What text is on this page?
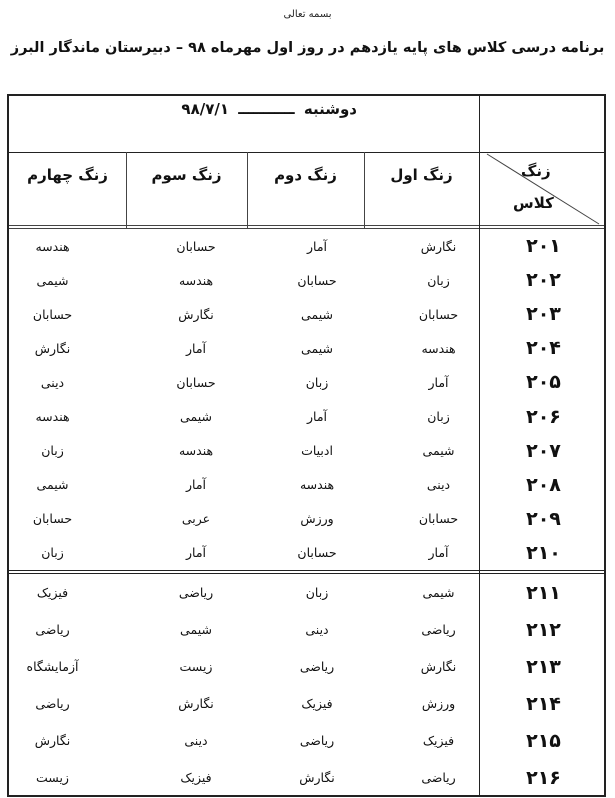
بسمه تعالی
برنامه درسی کلاس های پایه یازدهم در روز اول مهرماه ۹۸ – دبیرستان ماندگار البرز
دوشنبه ـــــــــــ ۹۸/۷/۱
زنگ
کلاس
زنگ اول
زنگ دوم
زنگ سوم
زنگ چهارم
۲۰۱
نگارش
آمار
حسابان
هندسه
۲۰۲
زبان
حسابان
هندسه
شیمی
۲۰۳
حسابان
شیمی
نگارش
حسابان
۲۰۴
هندسه
شیمی
آمار
نگارش
۲۰۵
آمار
زبان
حسابان
دینی
۲۰۶
زبان
آمار
شیمی
هندسه
۲۰۷
شیمی
ادبیات
هندسه
زبان
۲۰۸
دینی
هندسه
آمار
شیمی
۲۰۹
حسابان
ورزش
عربی
حسابان
۲۱۰
آمار
حسابان
آمار
زبان
۲۱۱
شیمی
زبان
ریاضی
فیزیک
۲۱۲
ریاضی
دینی
شیمی
ریاضی
۲۱۳
نگارش
ریاضی
زیست
آزمایشگاه
۲۱۴
ورزش
فیزیک
نگارش
ریاضی
۲۱۵
فیزیک
ریاضی
دینی
نگارش
۲۱۶
ریاضی
نگارش
فیزیک
زیست
